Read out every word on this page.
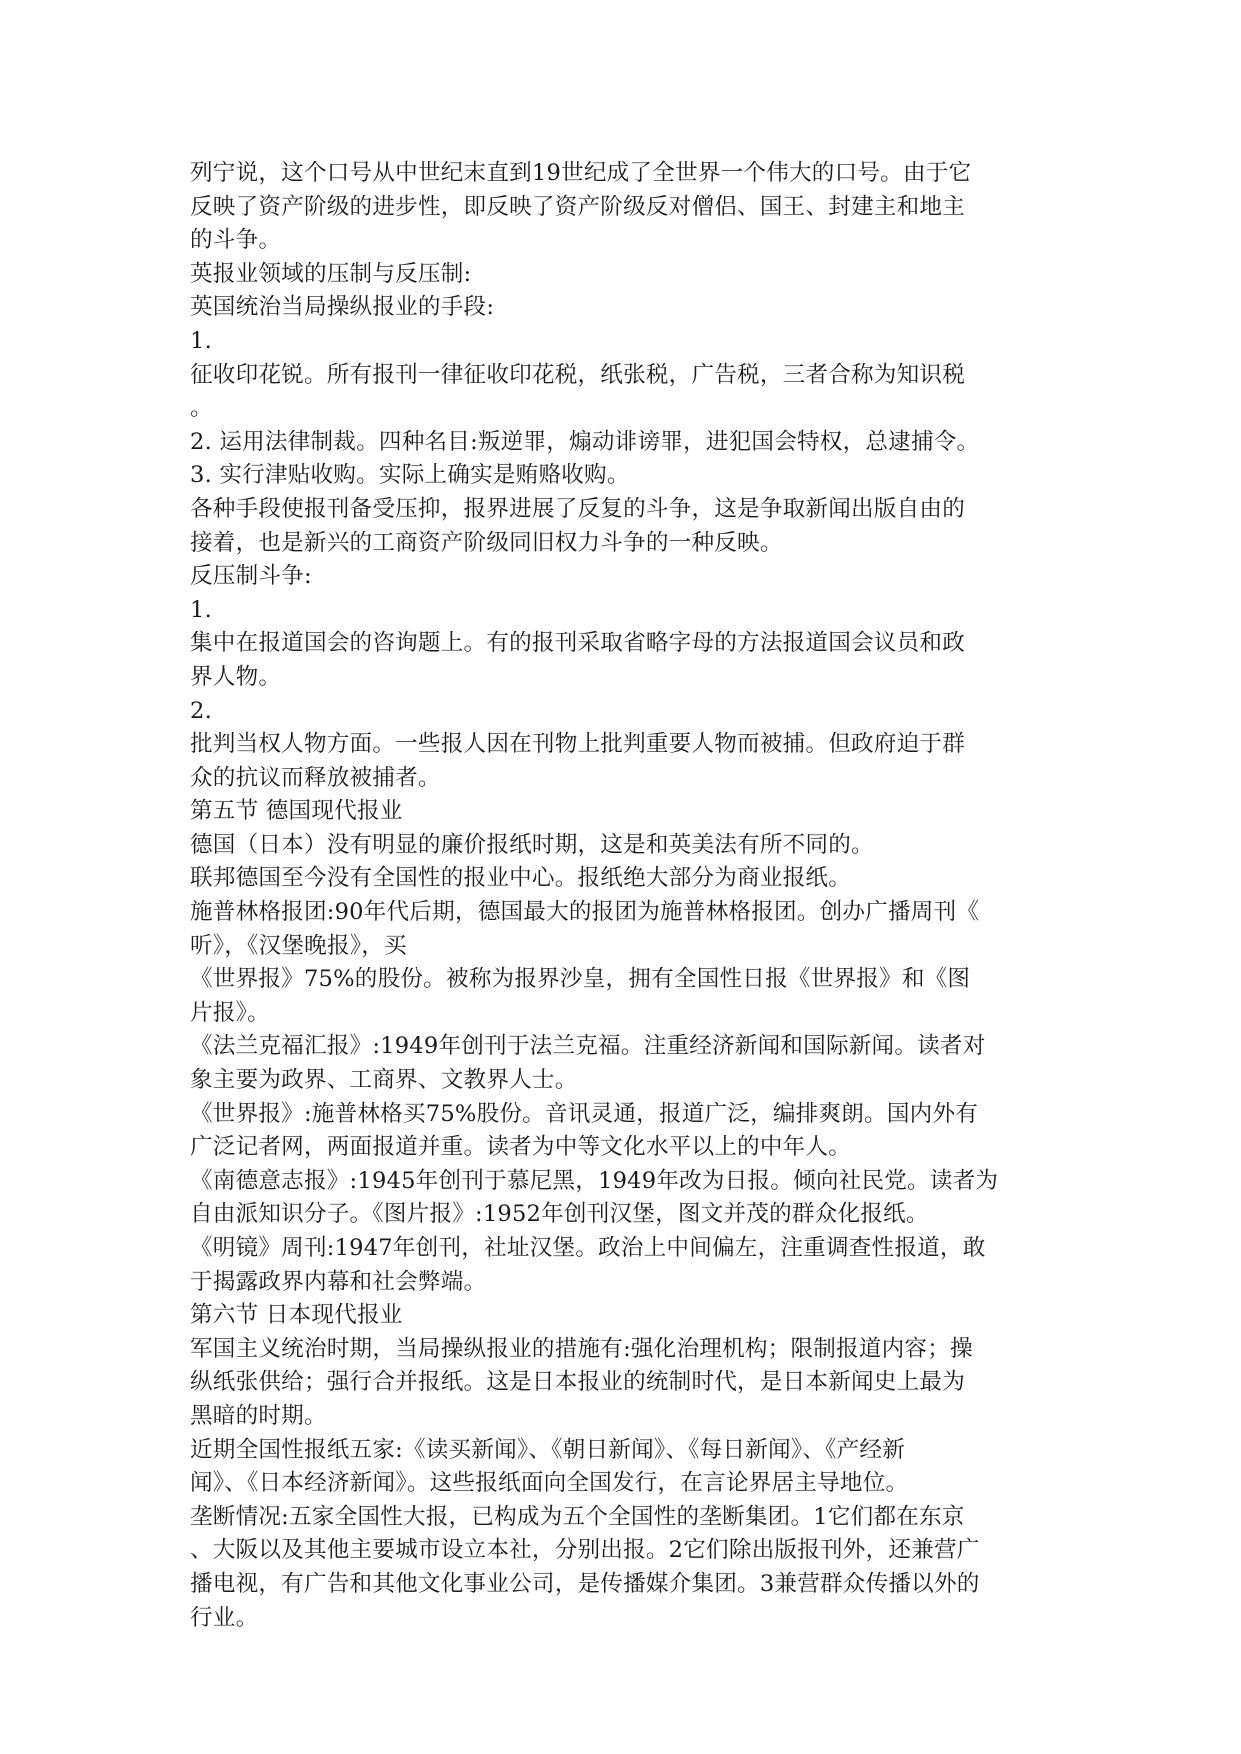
列宁说，这个口号从中世纪末直到19世纪成了全世界一个伟大的口号。由于它
反映了资产阶级的进步性，即反映了资产阶级反对僧侣、国王、封建主和地主
的斗争。
英报业领域的压制与反压制:
英国统治当局操纵报业的手段:
1.
征收印花锐。所有报刊一律征收印花税，纸张税，广告税，三者合称为知识税
。
2. 运用法律制裁。四种名目:叛逆罪，煽动诽谤罪，进犯国会特权，总逮捕令。
3. 实行津贴收购。实际上确实是贿赂收购。
各种手段使报刊备受压抑，报界进展了反复的斗争，这是争取新闻出版自由的
接着，也是新兴的工商资产阶级同旧权力斗争的一种反映。
反压制斗争:
1.
集中在报道国会的咨询题上。有的报刊采取省略字母的方法报道国会议员和政
界人物。
2.
批判当权人物方面。一些报人因在刊物上批判重要人物而被捕。但政府迫于群
众的抗议而释放被捕者。
第五节 德国现代报业
德国（日本）没有明显的廉价报纸时期，这是和英美法有所不同的。
联邦德国至今没有全国性的报业中心。报纸绝大部分为商业报纸。
施普林格报团:90年代后期，德国最大的报团为施普林格报团。创办广播周刊《
听》，《汉堡晚报》，买
《世界报》75%的股份。被称为报界沙皇，拥有全国性日报《世界报》和《图
片报》。
《法兰克福汇报》:1949年创刊于法兰克福。注重经济新闻和国际新闻。读者对
象主要为政界、工商界、文教界人士。
《世界报》:施普林格买75%股份。音讯灵通，报道广泛，编排爽朗。国内外有
广泛记者网，两面报道并重。读者为中等文化水平以上的中年人。
《南德意志报》:1945年创刊于慕尼黑，1949年改为日报。倾向社民党。读者为
自由派知识分子。《图片报》:1952年创刊汉堡，图文并茂的群众化报纸。
《明镜》周刊:1947年创刊，社址汉堡。政治上中间偏左，注重调查性报道，敢
于揭露政界内幕和社会弊端。
第六节 日本现代报业
军国主义统治时期，当局操纵报业的措施有:强化治理机构；限制报道内容；操
纵纸张供给；强行合并报纸。这是日本报业的统制时代，是日本新闻史上最为
黑暗的时期。
近期全国性报纸五家:《读买新闻》、《朝日新闻》、《每日新闻》、《产经新
闻》、《日本经济新闻》。这些报纸面向全国发行，在言论界居主导地位。
垄断情况:五家全国性大报，已构成为五个全国性的垄断集团。1它们都在东京
、大阪以及其他主要城市设立本社，分别出报。2它们除出版报刊外，还兼营广
播电视，有广告和其他文化事业公司，是传播媒介集团。3兼营群众传播以外的
行业。
